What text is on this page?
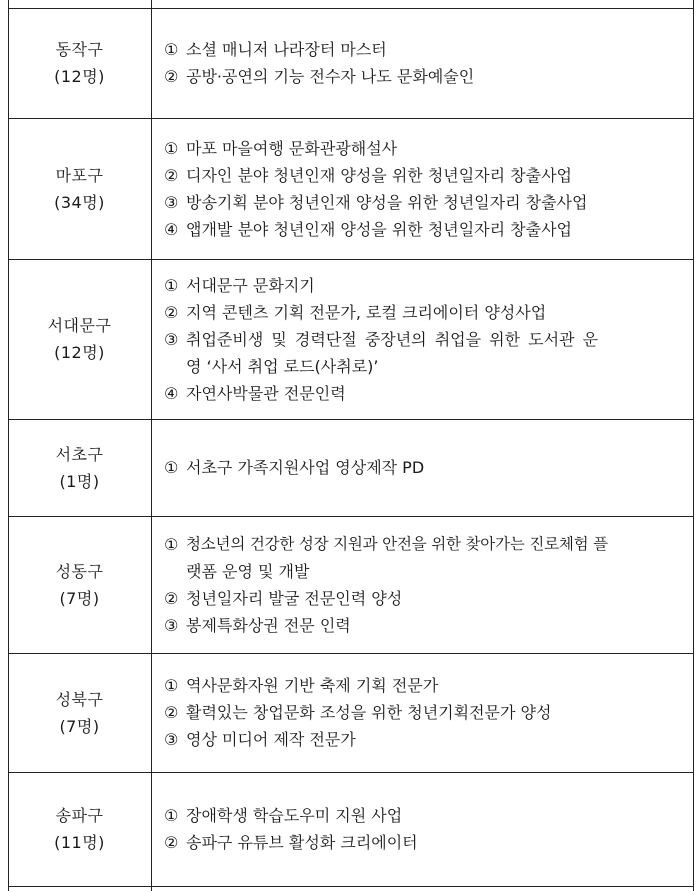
동작구
(12명)
① 소셜 매니저 나라장터 마스터
② 공방·공연의 기능 전수자 나도 문화예술인
마포구
(34명)
① 마포 마을여행 문화관광해설사
② 디자인 분야 청년인재 양성을 위한 청년일자리 창출사업
③ 방송기획 분야 청년인재 양성을 위한 청년일자리 창출사업
④ 앱개발 분야 청년인재 양성을 위한 청년일자리 창출사업
서대문구
(12명)
① 서대문구 문화지기
② 지역 콘텐츠 기획 전문가, 로컬 크리에이터 양성사업
③ 취업준비생 및 경력단절 중장년의 취업을 위한 도서관 운
영 ‘사서 취업 로드(사취로)’
④ 자연사박물관 전문인력
서초구
(1명)
① 서초구 가족지원사업 영상제작 PD
성동구
(7명)
① 청소년의 건강한 성장 지원과 안전을 위한 찾아가는 진로체험 플
랫폼 운영 및 개발
② 청년일자리 발굴 전문인력 양성
③ 봉제특화상권 전문 인력
성북구
(7명)
① 역사문화자원 기반 축제 기획 전문가
② 활력있는 창업문화 조성을 위한 청년기획전문가 양성
③ 영상 미디어 제작 전문가
송파구
(11명)
① 장애학생 학습도우미 지원 사업
② 송파구 유튜브 활성화 크리에이터
